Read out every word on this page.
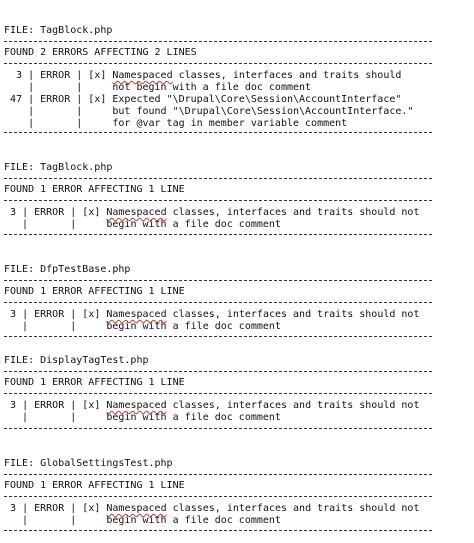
FILE: TagBlock.php
FOUND 2 ERRORS AFFECTING 2 LINES
3 | ERROR | [x] Namespaced classes, interfaces and traits should
|       |     not begin with a file doc comment
47 | ERROR | [x] Expected "\Drupal\Core\Session\AccountInterface"
|       |     but found "\Drupal\Core\Session\AccountInterface."
|       |     for @var tag in member variable comment
FILE: TagBlock.php
FOUND 1 ERROR AFFECTING 1 LINE
3 | ERROR | [x] Namespaced classes, interfaces and traits should not
|       |     begin with a file doc comment
FILE: DfpTestBase.php
FOUND 1 ERROR AFFECTING 1 LINE
3 | ERROR | [x] Namespaced classes, interfaces and traits should not
|       |     begin with a file doc comment
FILE: DisplayTagTest.php
FOUND 1 ERROR AFFECTING 1 LINE
3 | ERROR | [x] Namespaced classes, interfaces and traits should not
|       |     begin with a file doc comment
FILE: GlobalSettingsTest.php
FOUND 1 ERROR AFFECTING 1 LINE
3 | ERROR | [x] Namespaced classes, interfaces and traits should not
|       |     begin with a file doc comment
